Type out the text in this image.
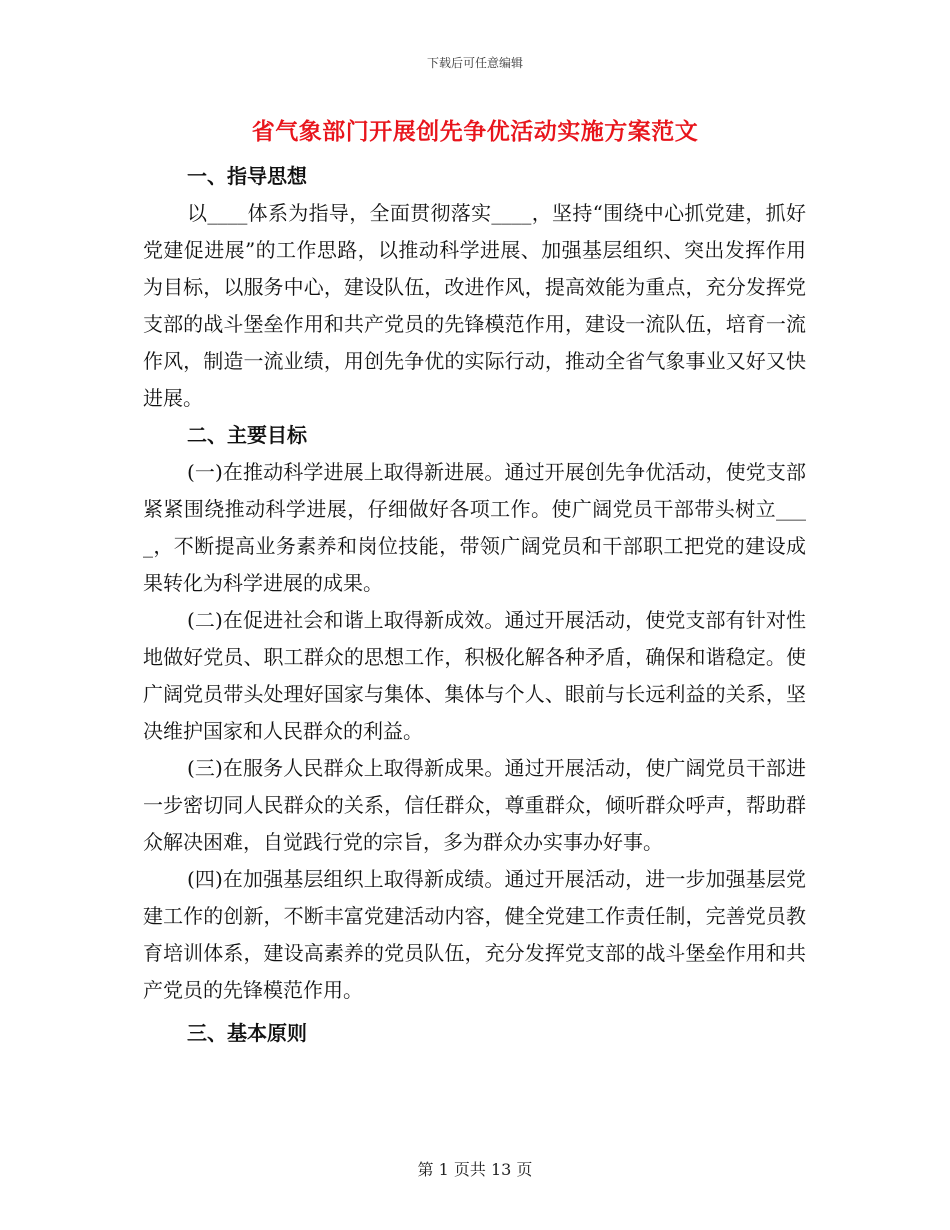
下载后可任意编辑
省气象部门开展创先争优活动实施方案范文
一、指导思想

以____体系为指导，全面贯彻落实____，坚持“围绕中心抓党建，抓好党建促进展”的工作思路，以推动科学进展、加强基层组织、突出发挥作用为目标，以服务中心，建设队伍，改进作风，提高效能为重点，充分发挥党支部的战斗堡垒作用和共产党员的先锋模范作用，建设一流队伍，培育一流作风，制造一流业绩，用创先争优的实际行动，推动全省气象事业又好又快进展。

二、主要目标

(一)在推动科学进展上取得新进展。通过开展创先争优活动，使党支部紧紧围绕推动科学进展，仔细做好各项工作。使广阔党员干部带头树立____，不断提高业务素养和岗位技能，带领广阔党员和干部职工把党的建设成果转化为科学进展的成果。

(二)在促进社会和谐上取得新成效。通过开展活动，使党支部有针对性地做好党员、职工群众的思想工作，积极化解各种矛盾，确保和谐稳定。使广阔党员带头处理好国家与集体、集体与个人、眼前与长远利益的关系，坚决维护国家和人民群众的利益。

(三)在服务人民群众上取得新成果。通过开展活动，使广阔党员干部进一步密切同人民群众的关系，信任群众，尊重群众，倾听群众呼声，帮助群众解决困难，自觉践行党的宗旨，多为群众办实事办好事。

(四)在加强基层组织上取得新成绩。通过开展活动，进一步加强基层党建工作的创新，不断丰富党建活动内容，健全党建工作责任制，完善党员教育培训体系，建设高素养的党员队伍，充分发挥党支部的战斗堡垒作用和共产党员的先锋模范作用。

三、基本原则
第 1 页共 13 页
